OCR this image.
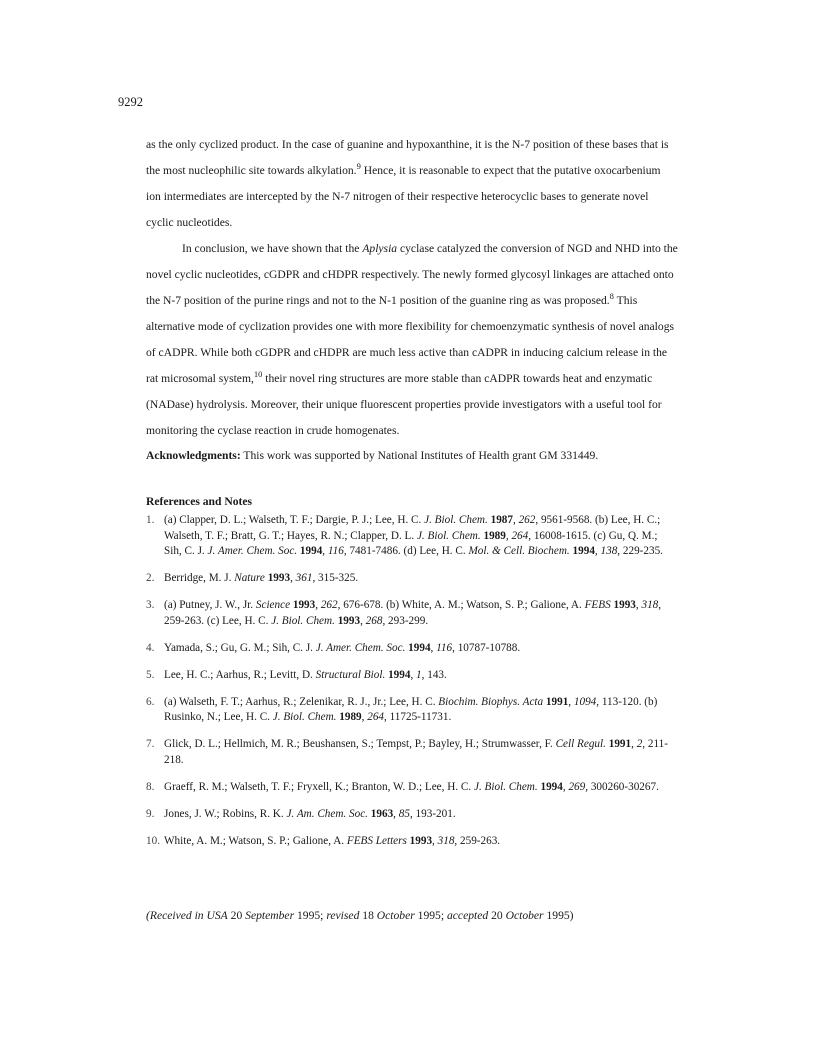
9292

as the only cyclized product. In the case of guanine and hypoxanthine, it is the N-7 position of these bases that is the most nucleophilic site towards alkylation.$^9$ Hence, it is reasonable to expect that the putative oxocarbenium ion intermediates are intercepted by the N-7 nitrogen of their respective heterocyclic bases to generate novel cyclic nucleotides.

In conclusion, we have shown that the Aplysia cyclase catalyzed the conversion of NGD and NHD into the novel cyclic nucleotides, cGDPR and cHDPR respectively. The newly formed glycosyl linkages are attached onto the N-7 position of the purine rings and not to the N-1 position of the guanine ring as was proposed.$^8$ This alternative mode of cyclization provides one with more flexibility for chemoenzymatic synthesis of novel analogs of cADPR. While both cGDPR and cHDPR are much less active than cADPR in inducing calcium release in the rat microsomal system,$^{10}$ their novel ring structures are more stable than cADPR towards heat and enzymatic (NADase) hydrolysis. Moreover, their unique fluorescent properties provide investigators with a useful tool for monitoring the cyclase reaction in crude homogenates.

Acknowledgments: This work was supported by National Institutes of Health grant GM 331449.
References and Notes
1. (a) Clapper, D. L.; Walseth, T. F.; Dargie, P. J.; Lee, H. C. J. Biol. Chem. 1987, 262, 9561-9568. (b) Lee, H. C.; Walseth, T. F.; Bratt, G. T.; Hayes, R. N.; Clapper, D. L. J. Biol. Chem. 1989, 264, 16008-1615. (c) Gu, Q. M.; Sih, C. J. J. Amer. Chem. Soc. 1994, 116, 7481-7486. (d) Lee, H. C. Mol. & Cell. Biochem. 1994, 138, 229-235.
2. Berridge, M. J. Nature 1993, 361, 315-325.
3. (a) Putney, J. W., Jr. Science 1993, 262, 676-678. (b) White, A. M.; Watson, S. P.; Galione, A. FEBS 1993, 318, 259-263. (c) Lee, H. C. J. Biol. Chem. 1993, 268, 293-299.
4. Yamada, S.; Gu, G. M.; Sih, C. J. J. Amer. Chem. Soc. 1994, 116, 10787-10788.
5. Lee, H. C.; Aarhus, R.; Levitt, D. Structural Biol. 1994, 1, 143.
6. (a) Walseth, F. T.; Aarhus, R.; Zelenikar, R. J., Jr.; Lee, H. C. Biochim. Biophys. Acta 1991, 1094, 113-120. (b) Rusinko, N.; Lee, H. C. J. Biol. Chem. 1989, 264, 11725-11731.
7. Glick, D. L.; Hellmich, M. R.; Beushansen, S.; Tempst, P.; Bayley, H.; Strumwasser, F. Cell Regul. 1991, 2, 211-218.
8. Graeff, R. M.; Walseth, T. F.; Fryxell, K.; Branton, W. D.; Lee, H. C. J. Biol. Chem. 1994, 269, 300260-30267.
9. Jones, J. W.; Robins, R. K. J. Am. Chem. Soc. 1963, 85, 193-201.
10. White, A. M.; Watson, S. P.; Galione, A. FEBS Letters 1993, 318, 259-263.
(Received in USA 20 September 1995; revised 18 October 1995; accepted 20 October 1995)
